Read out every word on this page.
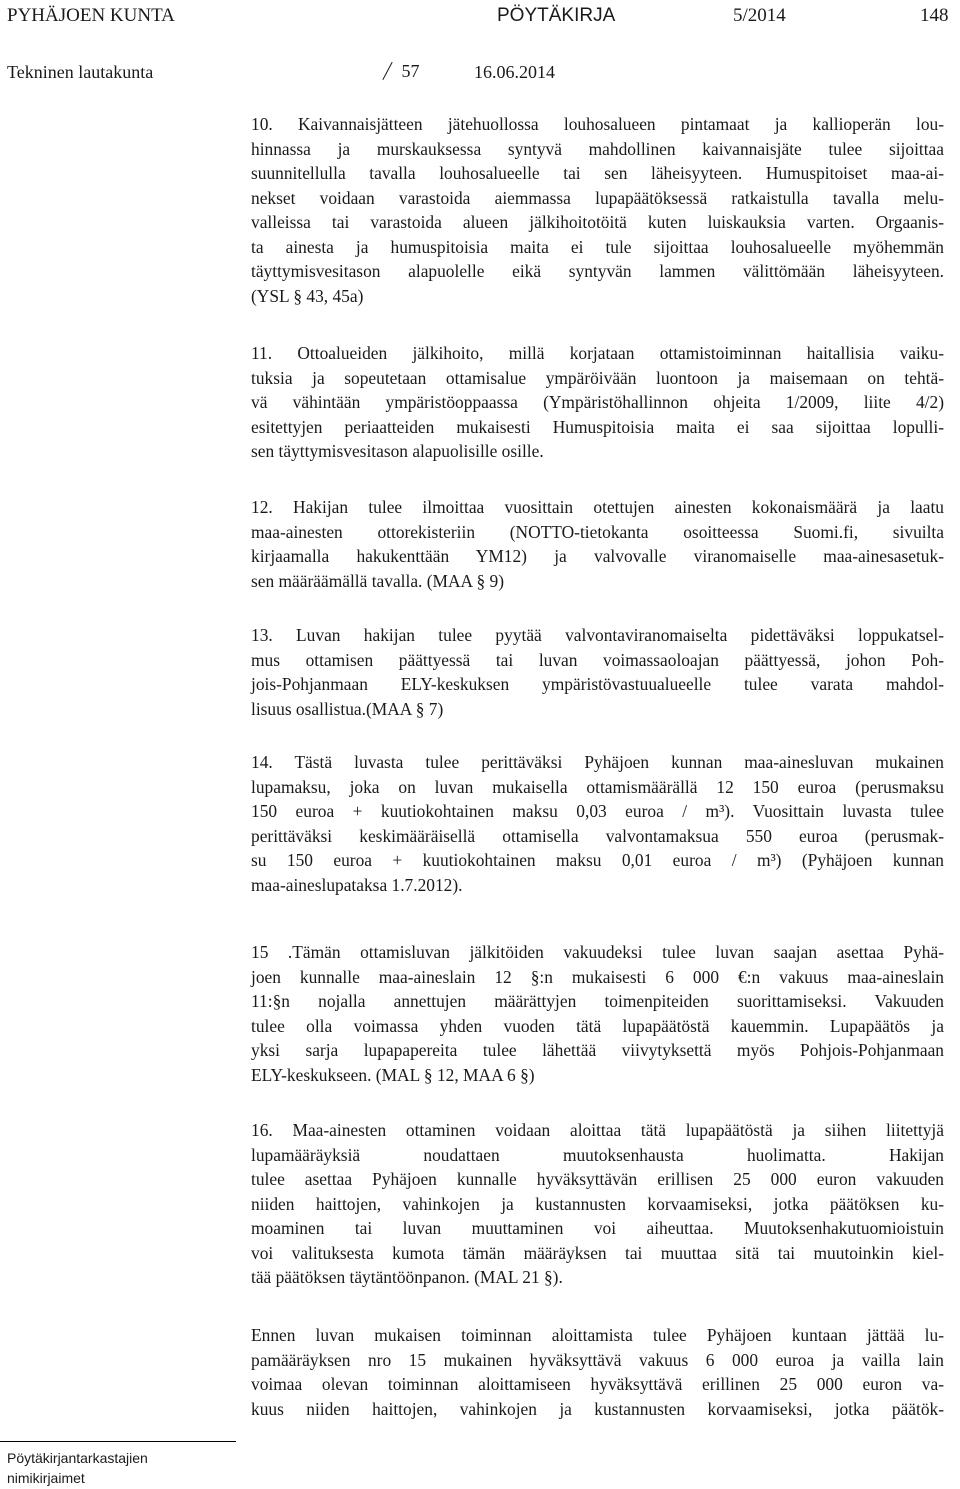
PYHÄJOEN KUNTA	PÖYTÄKIRJA	5/2014	148
Tekninen lautakunta	57	16.06.2014
10. Kaivannaisjätteen jätehuollossa louhosalueen pintamaat ja kallioperän lou-
hinnassa ja murskauksessa syntyvä mahdollinen kaivannaisjäte tulee sijoittaa
suunnitellulla tavalla louhosalueelle tai sen läheisyyteen. Humuspitoiset maa-ai-
nekset voidaan varastoida aiemmassa lupapäätöksessä ratkaistulla tavalla melu-
valleissa tai varastoida alueen jälkihoitotöitä kuten luiskauksia varten. Orgaanis-
ta ainesta ja humuspitoisia maita ei tule sijoittaa louhosalueelle myöhemmän
täyttymisvesitason alapuolelle eikä syntyvän lammen välittömään läheisyyteen.
(YSL § 43, 45a)
11. Ottoalueiden jälkihoito, millä korjataan ottamistoiminnan haitallisia vaiku-
tuksia ja sopeutetaan ottamisalue ympäröivään luontoon ja maisemaan on tehtä-
vä vähintään ympäristöoppaassa (Ympäristöhallinnon ohjeita 1/2009, liite 4/2)
esitettyjen periaatteiden mukaisesti Humuspitoisia maita ei saa sijoittaa lopulli-
sen täyttymisvesitason alapuolisille osille.
12. Hakijan tulee ilmoittaa vuosittain otettujen ainesten kokonaismäärä ja laatu
maa-ainesten ottorekisteriin (NOTTO-tietokanta osoitteessa Suomi.fi, sivuilta
kirjaamalla hakukenttään YM12) ja valvovalle viranomaiselle maa-ainesasetuk-
sen määräämällä tavalla. (MAA § 9)
13. Luvan hakijan tulee pyytää valvontaviranomaiselta pidettäväksi loppukatsel-
mus ottamisen päättyessä tai luvan voimassaoloajan päättyessä, johon Poh-
jois-Pohjanmaan ELY-keskuksen ympäristövastuualueelle tulee varata mahdol-
lisuus osallistua.(MAA § 7)
14. Tästä luvasta tulee perittäväksi Pyhäjoen kunnan maa-ainesluvan mukainen
lupamaksu, joka on luvan mukaisella ottamismäärällä 12 150 euroa (perusmaksu
150 euroa + kuutiokohtainen maksu 0,03 euroa / m³). Vuosittain luvasta tulee
perittäväksi keskimääräisellä ottamisella valvontamaksua 550 euroa (perusmak-
su 150 euroa + kuutiokohtainen maksu 0,01 euroa / m³) (Pyhäjoen kunnan
maa-aineslupataksa 1.7.2012).
15 .Tämän ottamisluvan jälkitöiden vakuudeksi tulee luvan saajan asettaa Pyhä-
joen kunnalle maa-aineslain 12 §:n mukaisesti 6 000 €:n vakuus maa-aineslain
11:§n nojalla annettujen määrättyjen toimenpiteiden suorittamiseksi. Vakuuden
tulee olla voimassa yhden vuoden tätä lupapäätöstä kauemmin. Lupapäätös ja
yksi sarja lupapapereita tulee lähettää viivytyksettä myös Pohjois-Pohjanmaan
ELY-keskukseen. (MAL § 12, MAA 6 §)
16. Maa-ainesten ottaminen voidaan aloittaa tätä lupapäätöstä ja siihen liitettyjä
lupamääräyksiä noudattaen muutoksenhausta huolimatta. Hakijan
tulee asettaa Pyhäjoen kunnalle hyväksyttävän erillisen 25 000 euron vakuuden
niiden haittojen, vahinkojen ja kustannusten korvaamiseksi, jotka päätöksen ku-
moaminen tai luvan muuttaminen voi aiheuttaa. Muutoksenhakutuomioistuin
voi valituksesta kumota tämän määräyksen tai muuttaa sitä tai muutoinkin kiel-
tää päätöksen täytäntöönpanon. (MAL 21 §).
Ennen luvan mukaisen toiminnan aloittamista tulee Pyhäjoen kuntaan jättää lu-
pamääräyksen nro 15 mukainen hyväksyttävä vakuus 6 000 euroa ja vailla lain
voimaa olevan toiminnan aloittamiseen hyväksyttävä erillinen 25 000 euron va-
kuus niiden haittojen, vahinkojen ja kustannusten korvaamiseksi, jotka päätök-
Pöytäkirjantarkastajien
nimikirjaimet
